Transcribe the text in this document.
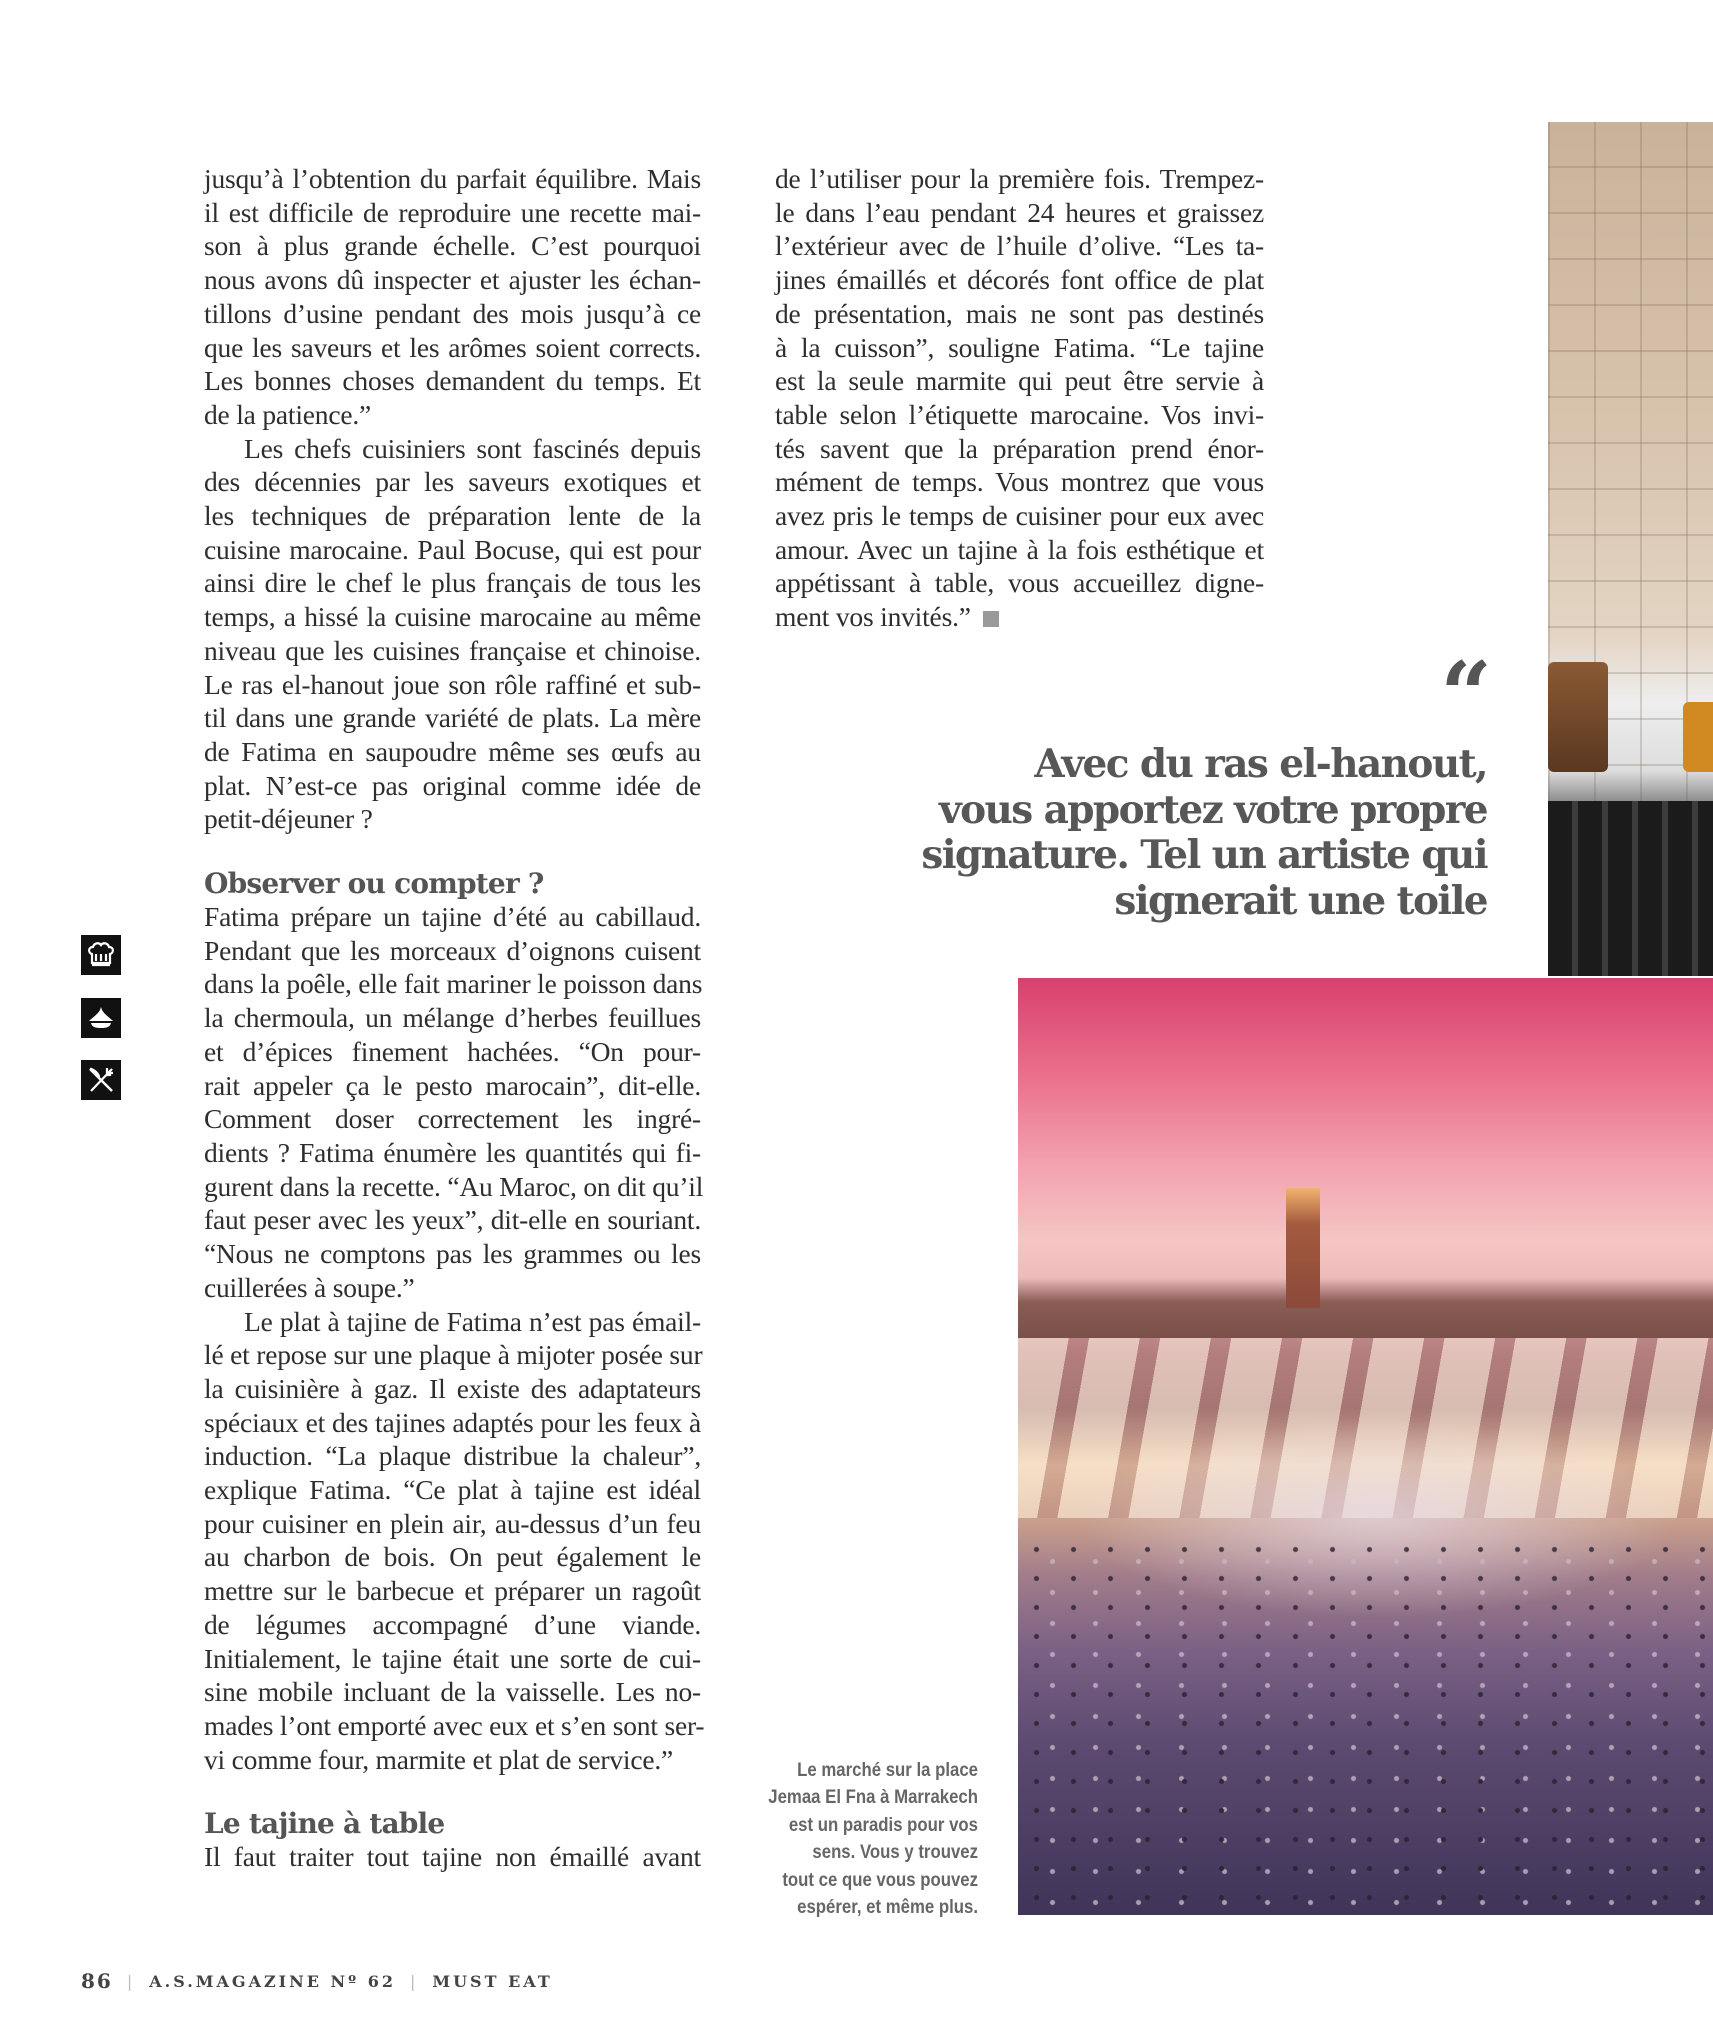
jusqu’à l’obtention du parfait équilibre. Mais
il est difficile de reproduire une recette mai-
son à plus grande échelle. C’est pourquoi
nous avons dû inspecter et ajuster les échan-
tillons d’usine pendant des mois jusqu’à ce
que les saveurs et les arômes soient corrects.
Les bonnes choses demandent du temps. Et
de la patience.”
Les chefs cuisiniers sont fascinés depuis
des décennies par les saveurs exotiques et
les techniques de préparation lente de la
cuisine marocaine. Paul Bocuse, qui est pour
ainsi dire le chef le plus français de tous les
temps, a hissé la cuisine marocaine au même
niveau que les cuisines française et chinoise.
Le ras el-hanout joue son rôle raffiné et sub-
til dans une grande variété de plats. La mère
de Fatima en saupoudre même ses œufs au
plat. N’est-ce pas original comme idée de
petit-déjeuner ?
Observer ou compter ?
Fatima prépare un tajine d’été au cabillaud.
Pendant que les morceaux d’oignons cuisent
dans la poêle, elle fait mariner le poisson dans
la chermoula, un mélange d’herbes feuillues
et d’épices finement hachées. “On pour-
rait appeler ça le pesto marocain”, dit-elle.
Comment doser correctement les ingré-
dients ? Fatima énumère les quantités qui fi-
gurent dans la recette. “Au Maroc, on dit qu’il
faut peser avec les yeux”, dit-elle en souriant.
“Nous ne comptons pas les grammes ou les
cuillerées à soupe.”
Le plat à tajine de Fatima n’est pas émail-
lé et repose sur une plaque à mijoter posée sur
la cuisinière à gaz. Il existe des adaptateurs
spéciaux et des tajines adaptés pour les feux à
induction. “La plaque distribue la chaleur”,
explique Fatima. “Ce plat à tajine est idéal
pour cuisiner en plein air, au-dessus d’un feu
au charbon de bois. On peut également le
mettre sur le barbecue et préparer un ragoût
de légumes accompagné d’une viande.
Initialement, le tajine était une sorte de cui-
sine mobile incluant de la vaisselle. Les no-
mades l’ont emporté avec eux et s’en sont ser-
vi comme four, marmite et plat de service.”
Le tajine à table
Il faut traiter tout tajine non émaillé avant
de l’utiliser pour la première fois. Trempez-
le dans l’eau pendant 24 heures et graissez
l’extérieur avec de l’huile d’olive. “Les ta-
jines émaillés et décorés font office de plat
de présentation, mais ne sont pas destinés
à la cuisson”, souligne Fatima. “Le tajine
est la seule marmite qui peut être servie à
table selon l’étiquette marocaine. Vos invi-
tés savent que la préparation prend énor-
mément de temps. Vous montrez que vous
avez pris le temps de cuisiner pour eux avec
amour. Avec un tajine à la fois esthétique et
appétissant à table, vous accueillez digne-
ment vos invités.”
“
Avec du ras el-hanout,
vous apportez votre propre
signature. Tel un artiste qui
signerait une toile
Le marché sur la place
Jemaa El Fna à Marrakech
est un paradis pour vos
sens. Vous y trouvez
tout ce que vous pouvez
espérer, et même plus.
86 | A.S.MAGAZINE Nº 62 | MUST EAT
